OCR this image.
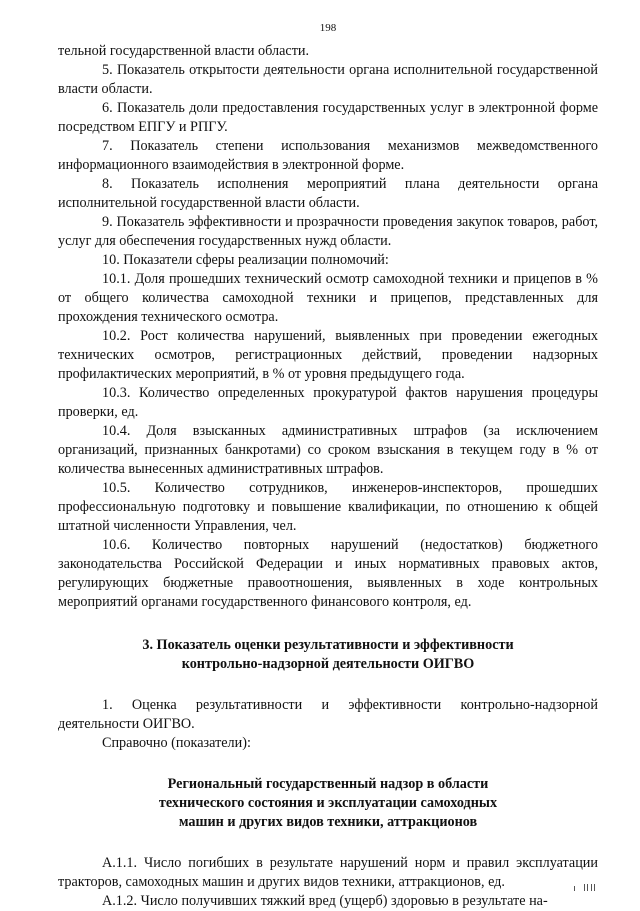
198

тельной государственной власти области.

5. Показатель открытости деятельности органа исполнительной государственной власти области.

6. Показатель доли предоставления государственных услуг в электронной форме посредством ЕПГУ и РПГУ.

7. Показатель степени использования механизмов межведомственного информационного взаимодействия в электронной форме.

8. Показатель исполнения мероприятий плана деятельности органа исполнительной государственной власти области.

9. Показатель эффективности и прозрачности проведения закупок товаров, работ, услуг для обеспечения государственных нужд области.

10. Показатели сферы реализации полномочий:

10.1. Доля прошедших технический осмотр самоходной техники и прицепов в % от общего количества самоходной техники и прицепов, представленных для прохождения технического осмотра.

10.2. Рост количества нарушений, выявленных при проведении ежегодных технических осмотров, регистрационных действий, проведении надзорных профилактических мероприятий, в % от уровня предыдущего года.

10.3. Количество определенных прокуратурой фактов нарушения процедуры проверки, ед.

10.4. Доля взысканных административных штрафов (за исключением организаций, признанных банкротами) со сроком взыскания в текущем году в % от количества вынесенных административных штрафов.

10.5. Количество сотрудников, инженеров-инспекторов, прошедших профессиональную подготовку и повышение квалификации, по отношению к общей штатной численности Управления, чел.

10.6. Количество повторных нарушений (недостатков) бюджетного законодательства Российской Федерации и иных нормативных правовых актов, регулирующих бюджетные правоотношения, выявленных в ходе контрольных мероприятий органами государственного финансового контроля, ед.

3. Показатель оценки результативности и эффективности
контрольно-надзорной деятельности ОИГВО

1. Оценка результативности и эффективности контрольно-надзорной деятельности ОИГВО.

Справочно (показатели):

Региональный государственный надзор в области
технического состояния и эксплуатации самоходных
машин и других видов техники, аттракционов

А.1.1. Число погибших в результате нарушений норм и правил эксплуатации тракторов, самоходных машин и других видов техники, аттракционов, ед.

А.1.2. Число получивших тяжкий вред (ущерб) здоровью в результате на-
